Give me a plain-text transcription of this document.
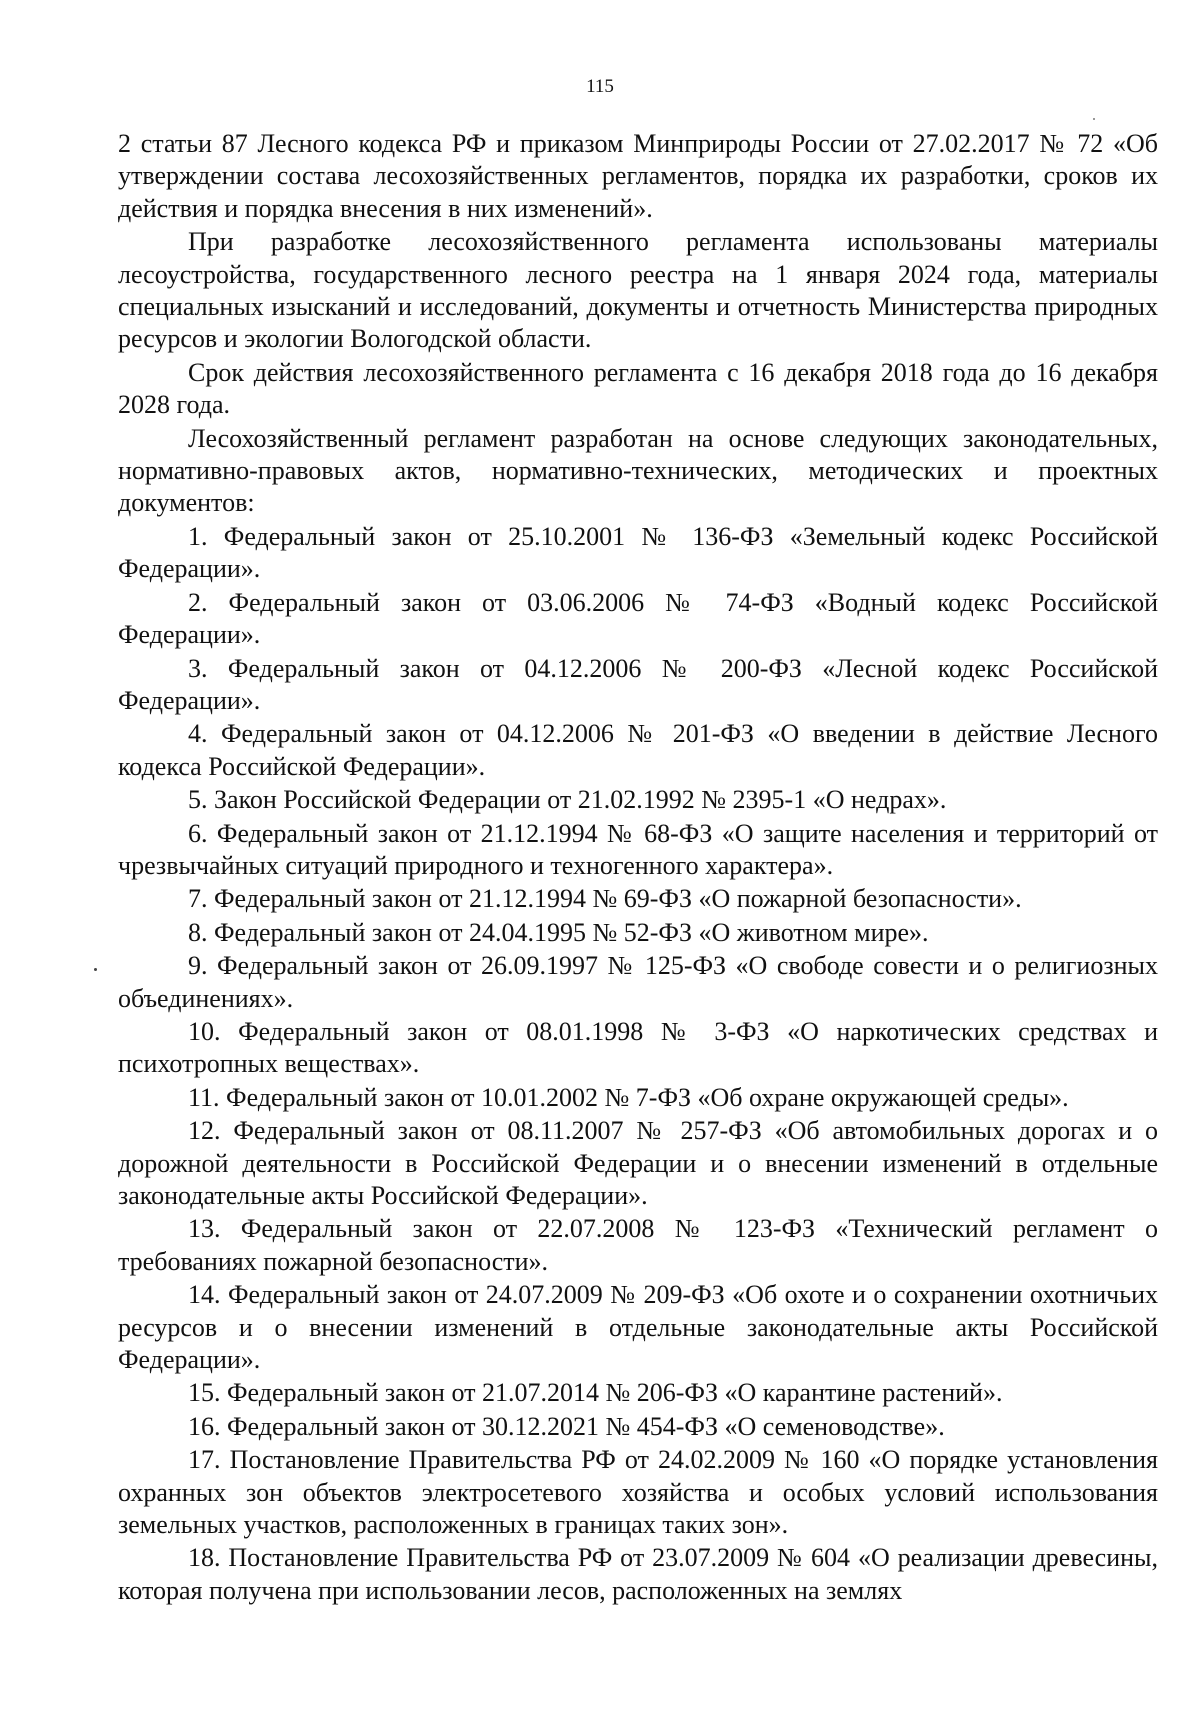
115

2 статьи 87 Лесного кодекса РФ и приказом Минприроды России от 27.02.2017 № 72 «Об утверждении состава лесохозяйственных регламентов, порядка их разработки, сроков их действия и порядка внесения в них изменений».

При разработке лесохозяйственного регламента использованы материалы лесоустройства, государственного лесного реестра на 1 января 2024 года, материалы специальных изысканий и исследований, документы и отчетность Министерства природных ресурсов и экологии Вологодской области.

Срок действия лесохозяйственного регламента с 16 декабря 2018 года до 16 декабря 2028 года.

Лесохозяйственный регламент разработан на основе следующих законодательных, нормативно-правовых актов, нормативно-технических, методических и проектных документов:

1. Федеральный закон от 25.10.2001 № 136-ФЗ «Земельный кодекс Российской Федерации».

2. Федеральный закон от 03.06.2006 № 74-ФЗ «Водный кодекс Российской Федерации».

3. Федеральный закон от 04.12.2006 № 200-ФЗ «Лесной кодекс Российской Федерации».

4. Федеральный закон от 04.12.2006 № 201-ФЗ «О введении в действие Лесного кодекса Российской Федерации».

5. Закон Российской Федерации от 21.02.1992 № 2395-1 «О недрах».

6. Федеральный закон от 21.12.1994 № 68-ФЗ «О защите населения и территорий от чрезвычайных ситуаций природного и техногенного характера».

7. Федеральный закон от 21.12.1994 № 69-ФЗ «О пожарной безопасности».

8. Федеральный закон от 24.04.1995 № 52-ФЗ «О животном мире».

9. Федеральный закон от 26.09.1997 № 125-ФЗ «О свободе совести и о религиозных объединениях».

10. Федеральный закон от 08.01.1998 № 3-ФЗ «О наркотических средствах и психотропных веществах».

11. Федеральный закон от 10.01.2002 № 7-ФЗ «Об охране окружающей среды».

12. Федеральный закон от 08.11.2007 № 257-ФЗ «Об автомобильных дорогах и о дорожной деятельности в Российской Федерации и о внесении изменений в отдельные законодательные акты Российской Федерации».

13. Федеральный закон от 22.07.2008 № 123-ФЗ «Технический регламент о требованиях пожарной безопасности».

14. Федеральный закон от 24.07.2009 № 209-ФЗ «Об охоте и о сохранении охотничьих ресурсов и о внесении изменений в отдельные законодательные акты Российской Федерации».

15. Федеральный закон от 21.07.2014 № 206-ФЗ «О карантине растений».

16. Федеральный закон от 30.12.2021 № 454-ФЗ «О семеноводстве».

17. Постановление Правительства РФ от 24.02.2009 № 160 «О порядке установления охранных зон объектов электросетевого хозяйства и особых условий использования земельных участков, расположенных в границах таких зон».

18. Постановление Правительства РФ от 23.07.2009 № 604 «О реализации древесины, которая получена при использовании лесов, расположенных на землях
